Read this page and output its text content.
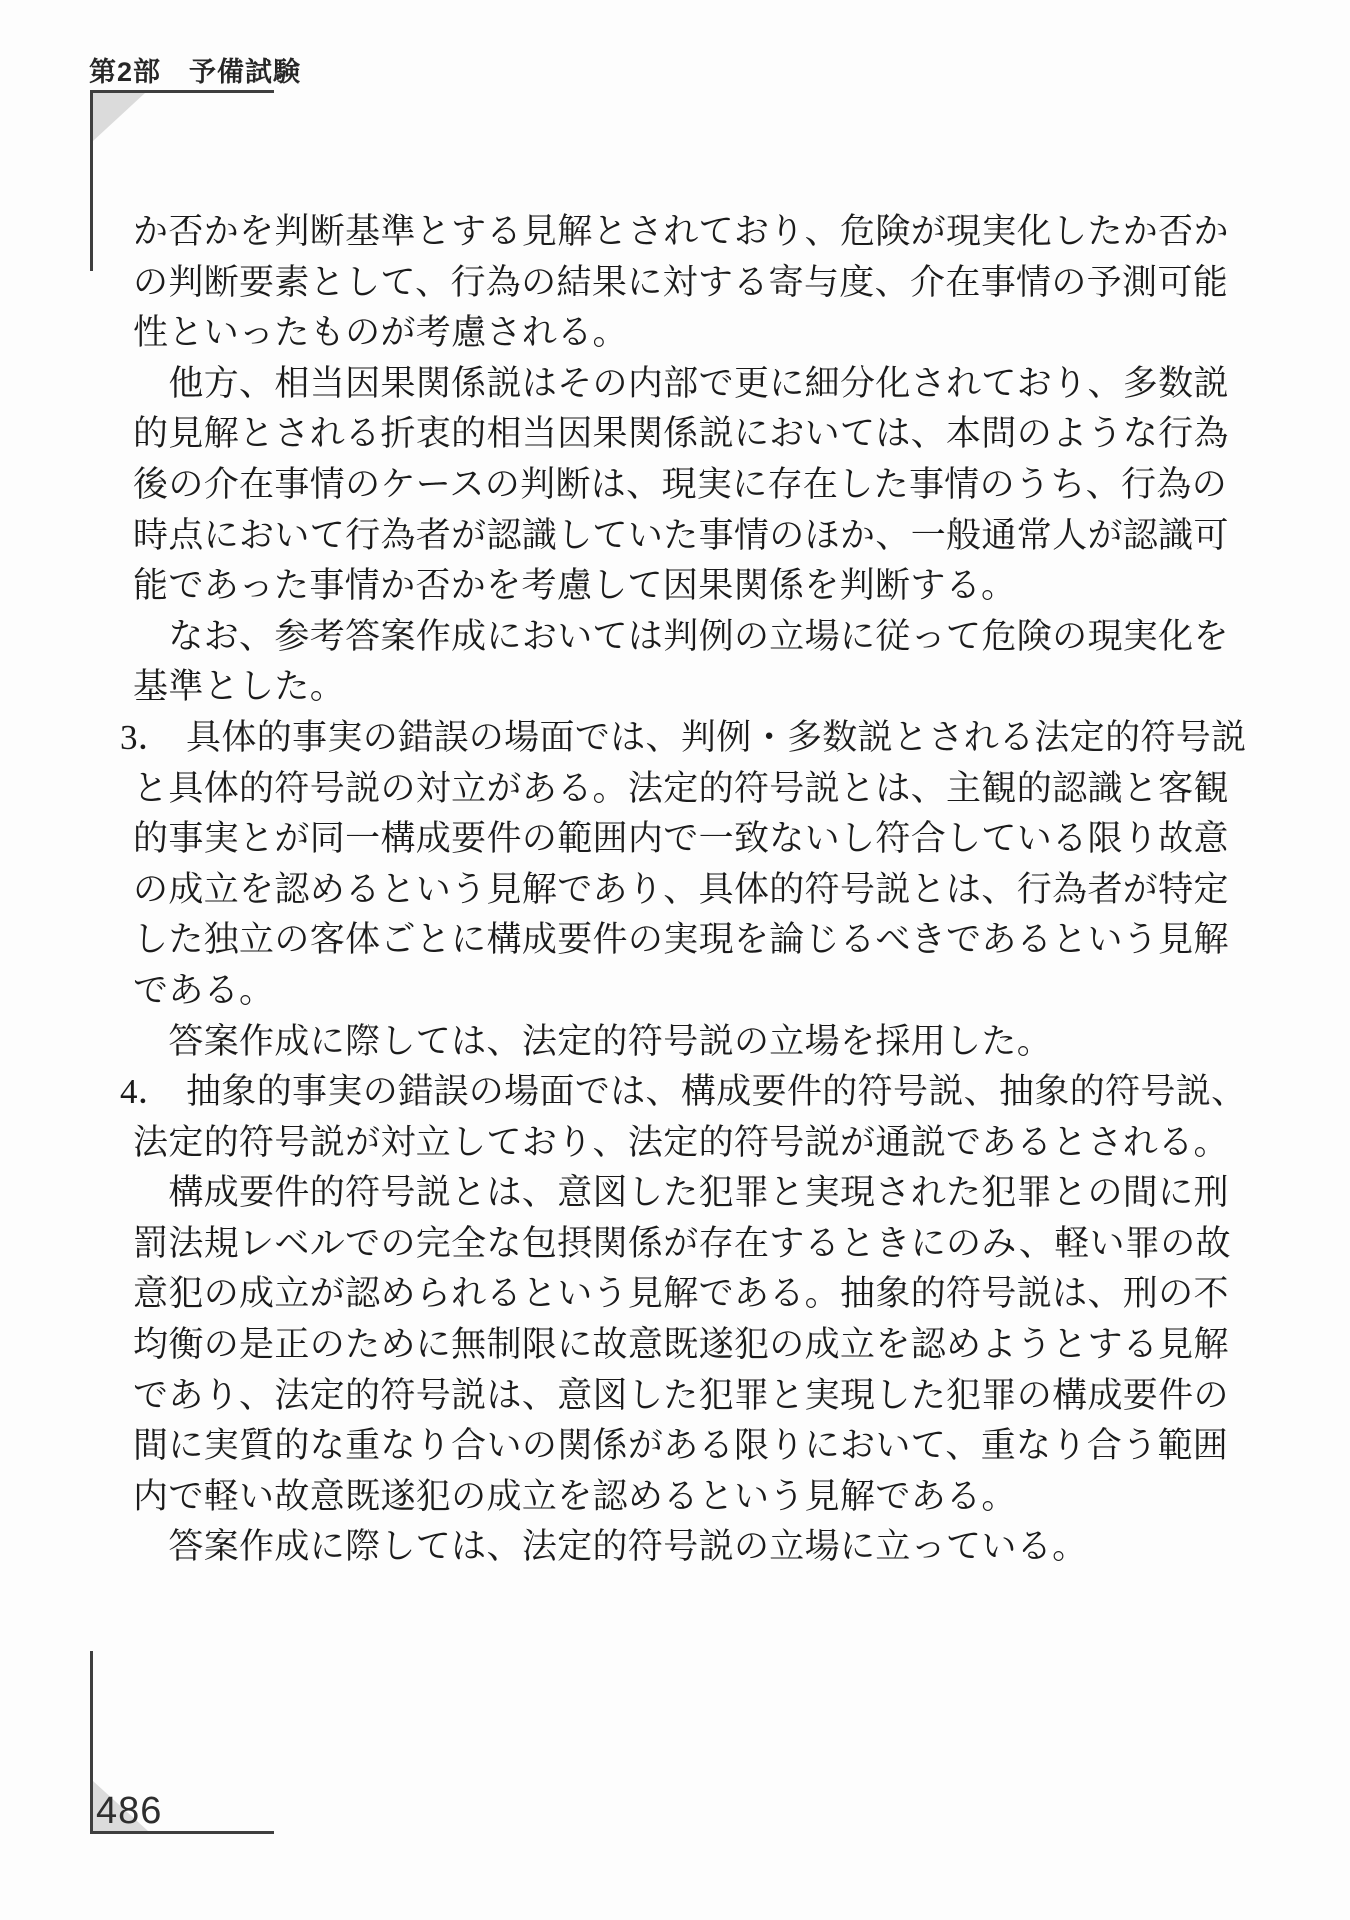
第2部　予備試験
か否かを判断基準とする見解とされており、危険が現実化したか否か
の判断要素として、行為の結果に対する寄与度、介在事情の予測可能
性といったものが考慮される。
　他方、相当因果関係説はその内部で更に細分化されており、多数説
的見解とされる折衷的相当因果関係説においては、本問のような行為
後の介在事情のケースの判断は、現実に存在した事情のうち、行為の
時点において行為者が認識していた事情のほか、一般通常人が認識可
能であった事情か否かを考慮して因果関係を判断する。
　なお、参考答案作成においては判例の立場に従って危険の現実化を
基準とした。
3． 具体的事実の錯誤の場面では、判例・多数説とされる法定的符号説
と具体的符号説の対立がある。法定的符号説とは、主観的認識と客観
的事実とが同一構成要件の範囲内で一致ないし符合している限り故意
の成立を認めるという見解であり、具体的符号説とは、行為者が特定
した独立の客体ごとに構成要件の実現を論じるべきであるという見解
である。
　答案作成に際しては、法定的符号説の立場を採用した。
4． 抽象的事実の錯誤の場面では、構成要件的符号説、抽象的符号説、
法定的符号説が対立しており、法定的符号説が通説であるとされる。
　構成要件的符号説とは、意図した犯罪と実現された犯罪との間に刑
罰法規レベルでの完全な包摂関係が存在するときにのみ、軽い罪の故
意犯の成立が認められるという見解である。抽象的符号説は、刑の不
均衡の是正のために無制限に故意既遂犯の成立を認めようとする見解
であり、法定的符号説は、意図した犯罪と実現した犯罪の構成要件の
間に実質的な重なり合いの関係がある限りにおいて、重なり合う範囲
内で軽い故意既遂犯の成立を認めるという見解である。
　答案作成に際しては、法定的符号説の立場に立っている。
486
